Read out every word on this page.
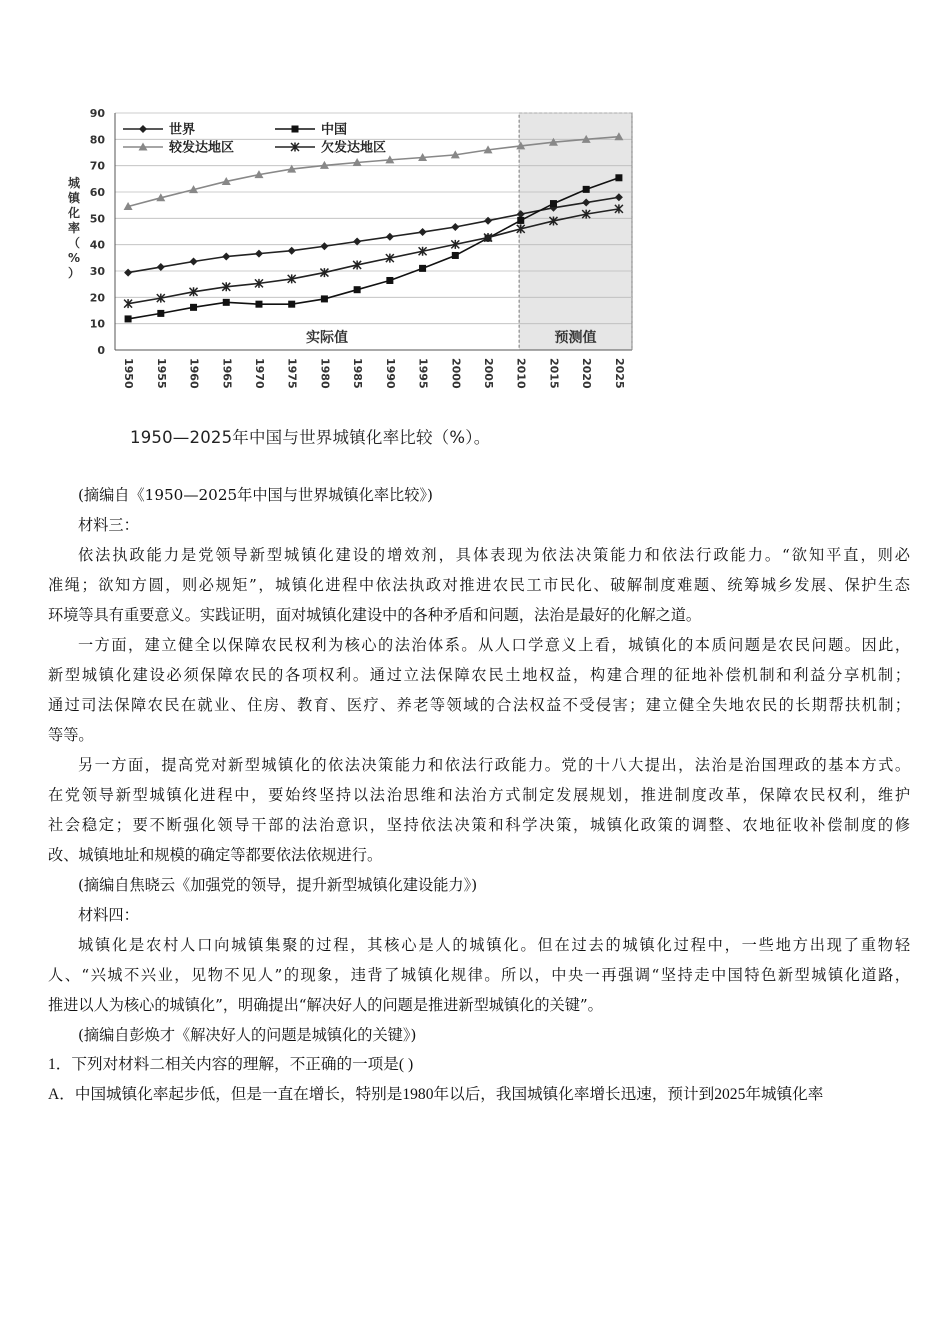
0
10
20
30
40
50
60
70
80
90
1950 1955 1960 1965 1970 1975 1980 1985 1990 1995 2000 2005 2010 2015 2020 2025
城镇化率（%）
世界	中国
较发达地区	欠发达地区
实际值	预测值
1950—2025年中国与世界城镇化率比较（%）。
(摘编自《1950—2025年中国与世界城镇化率比较》)
材料三：
依法执政能力是党领导新型城镇化建设的增效剂，具体表现为依法决策能力和依法行政能力。“欲知平直，则必
准绳；欲知方圆，则必规矩”，城镇化进程中依法执政对推进农民工市民化、破解制度难题、统筹城乡发展、保护生态
环境等具有重要意义。实践证明，面对城镇化建设中的各种矛盾和问题，法治是最好的化解之道。
一方面，建立健全以保障农民权利为核心的法治体系。从人口学意义上看，城镇化的本质问题是农民问题。因此，
新型城镇化建设必须保障农民的各项权利。通过立法保障农民土地权益，构建合理的征地补偿机制和利益分享机制；
通过司法保障农民在就业、住房、教育、医疗、养老等领域的合法权益不受侵害；建立健全失地农民的长期帮扶机制；
等等。
另一方面，提高党对新型城镇化的依法决策能力和依法行政能力。党的十八大提出，法治是治国理政的基本方式。
在党领导新型城镇化进程中，要始终坚持以法治思维和法治方式制定发展规划，推进制度改革，保障农民权利，维护
社会稳定；要不断强化领导干部的法治意识，坚持依法决策和科学决策，城镇化政策的调整、农地征收补偿制度的修
改、城镇地址和规模的确定等都要依法依规进行。
(摘编自焦晓云《加强党的领导，提升新型城镇化建设能力》)
材料四：
城镇化是农村人口向城镇集聚的过程，其核心是人的城镇化。但在过去的城镇化过程中，一些地方出现了重物轻
人、“兴城不兴业，见物不见人”的现象，违背了城镇化规律。所以，中央一再强调“坚持走中国特色新型城镇化道路，
推进以人为核心的城镇化”，明确提出“解决好人的问题是推进新型城镇化的关键”。
(摘编自彭焕才《解决好人的问题是城镇化的关键》)
1．下列对材料二相关内容的理解，不正确的一项是( )
A．中国城镇化率起步低，但是一直在增长，特别是1980年以后，我国城镇化率增长迅速，预计到2025年城镇化率
